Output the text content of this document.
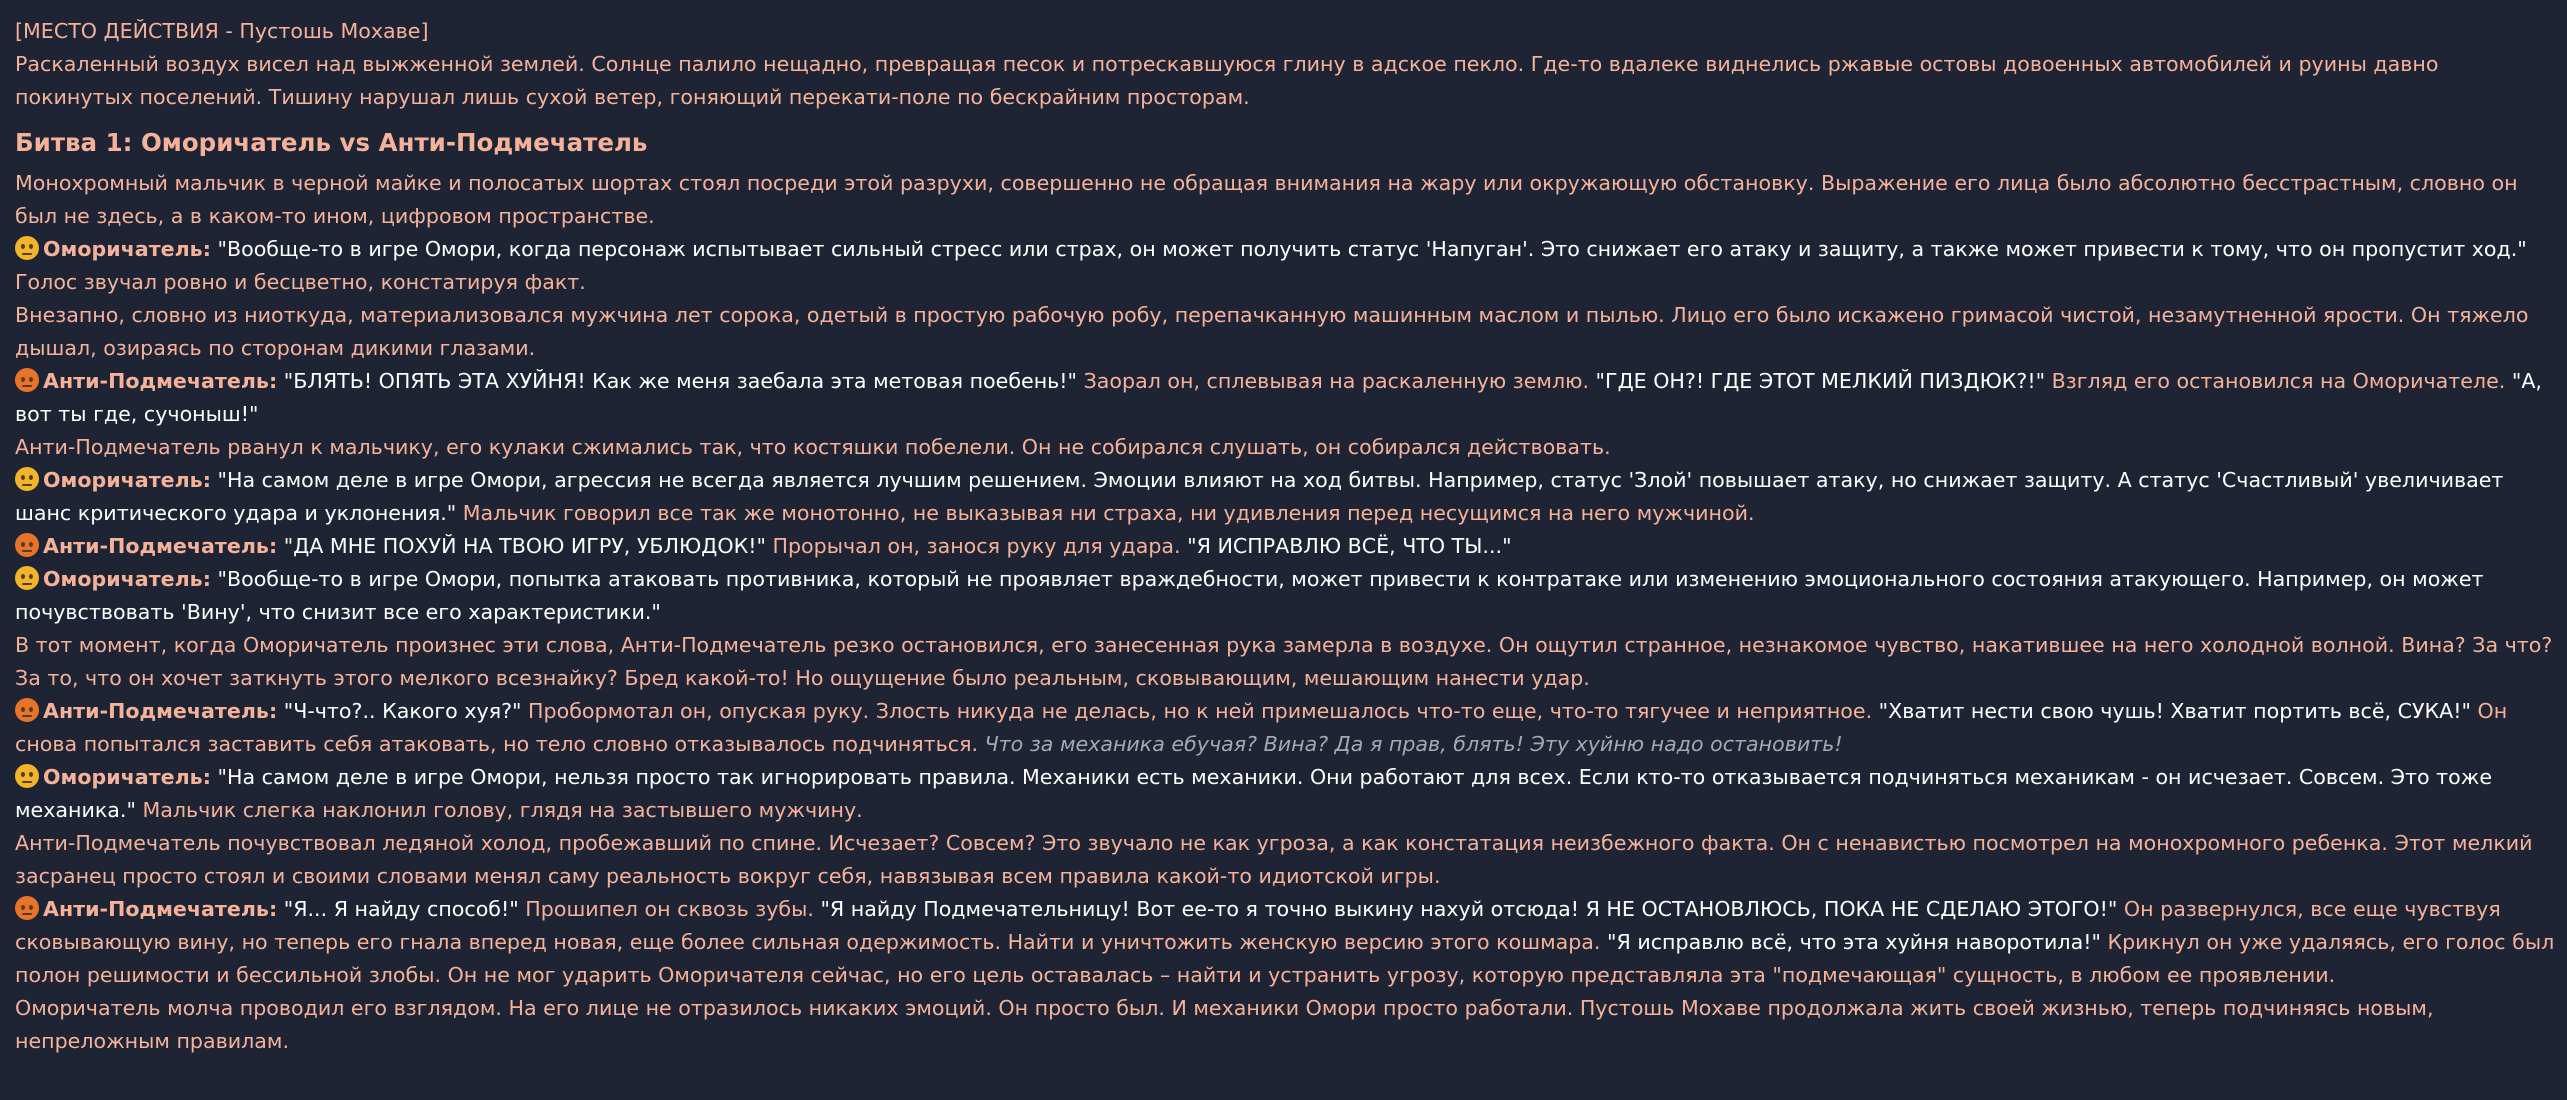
[МЕСТО ДЕЙСТВИЯ - Пустошь Мохаве]

Раскаленный воздух висел над выжженной землей. Солнце палило нещадно, превращая песок и потрескавшуюся глину в адское пекло. Где-то вдалеке виднелись ржавые остовы довоенных автомобилей и руины давно покинутых поселений. Тишину нарушал лишь сухой ветер, гоняющий перекати-поле по бескрайним просторам.

Битва 1: Оморичатель vs Анти-Подмечатель

Монохромный мальчик в черной майке и полосатых шортах стоял посреди этой разрухи, совершенно не обращая внимания на жару или окружающую обстановку. Выражение его лица было абсолютно бесстрастным, словно он был не здесь, а в каком-то ином, цифровом пространстве.

Оморичатель: "Вообще-то в игре Омори, когда персонаж испытывает сильный стресс или страх, он может получить статус 'Напуган'. Это снижает его атаку и защиту, а также может привести к тому, что он пропустит ход." Голос звучал ровно и бесцветно, констатируя факт.

Внезапно, словно из ниоткуда, материализовался мужчина лет сорока, одетый в простую рабочую робу, перепачканную машинным маслом и пылью. Лицо его было искажено гримасой чистой, незамутненной ярости. Он тяжело дышал, озираясь по сторонам дикими глазами.

Анти-Подмечатель: "БЛЯТЬ! ОПЯТЬ ЭТА ХУЙНЯ! Как же меня заебала эта метовая поебень!" Заорал он, сплевывая на раскаленную землю. "ГДЕ ОН?! ГДЕ ЭТОТ МЕЛКИЙ ПИЗДЮК?!" Взгляд его остановился на Оморичателе. "А, вот ты где, сучоныш!"

Анти-Подмечатель рванул к мальчику, его кулаки сжимались так, что костяшки побелели. Он не собирался слушать, он собирался действовать.

Оморичатель: "На самом деле в игре Омори, агрессия не всегда является лучшим решением. Эмоции влияют на ход битвы. Например, статус 'Злой' повышает атаку, но снижает защиту. А статус 'Счастливый' увеличивает шанс критического удара и уклонения." Мальчик говорил все так же монотонно, не выказывая ни страха, ни удивления перед несущимся на него мужчиной.

Анти-Подмечатель: "ДА МНЕ ПОХУЙ НА ТВОЮ ИГРУ, УБЛЮДОК!" Прорычал он, занося руку для удара. "Я ИСПРАВЛЮ ВСЁ, ЧТО ТЫ..."

Оморичатель: "Вообще-то в игре Омори, попытка атаковать противника, который не проявляет враждебности, может привести к контратаке или изменению эмоционального состояния атакующего. Например, он может почувствовать 'Вину', что снизит все его характеристики."

В тот момент, когда Оморичатель произнес эти слова, Анти-Подмечатель резко остановился, его занесенная рука замерла в воздухе. Он ощутил странное, незнакомое чувство, накатившее на него холодной волной. Вина? За что? За то, что он хочет заткнуть этого мелкого всезнайку? Бред какой-то! Но ощущение было реальным, сковывающим, мешающим нанести удар.

Анти-Подмечатель: "Ч-что?.. Какого хуя?" Пробормотал он, опуская руку. Злость никуда не делась, но к ней примешалось что-то еще, что-то тягучее и неприятное. "Хватит нести свою чушь! Хватит портить всё, СУКА!" Он снова попытался заставить себя атаковать, но тело словно отказывалось подчиняться. Что за механика ебучая? Вина? Да я прав, блять! Эту хуйню надо остановить!

Оморичатель: "На самом деле в игре Омори, нельзя просто так игнорировать правила. Механики есть механики. Они работают для всех. Если кто-то отказывается подчиняться механикам - он исчезает. Совсем. Это тоже механика." Мальчик слегка наклонил голову, глядя на застывшего мужчину.

Анти-Подмечатель почувствовал ледяной холод, пробежавший по спине. Исчезает? Совсем? Это звучало не как угроза, а как констатация неизбежного факта. Он с ненавистью посмотрел на монохромного ребенка. Этот мелкий засранец просто стоял и своими словами менял саму реальность вокруг себя, навязывая всем правила какой-то идиотской игры.

Анти-Подмечатель: "Я... Я найду способ!" Прошипел он сквозь зубы. "Я найду Подмечательницу! Вот ее-то я точно выкину нахуй отсюда! Я НЕ ОСТАНОВЛЮСЬ, ПОКА НЕ СДЕЛАЮ ЭТОГО!" Он развернулся, все еще чувствуя сковывающую вину, но теперь его гнала вперед новая, еще более сильная одержимость. Найти и уничтожить женскую версию этого кошмара. "Я исправлю всё, что эта хуйня наворотила!" Крикнул он уже удаляясь, его голос был полон решимости и бессильной злобы. Он не мог ударить Оморичателя сейчас, но его цель оставалась – найти и устранить угрозу, которую представляла эта "подмечающая" сущность, в любом ее проявлении.

Оморичатель молча проводил его взглядом. На его лице не отразилось никаких эмоций. Он просто был. И механики Омори просто работали. Пустошь Мохаве продолжала жить своей жизнью, теперь подчиняясь новым, непреложным правилам.
